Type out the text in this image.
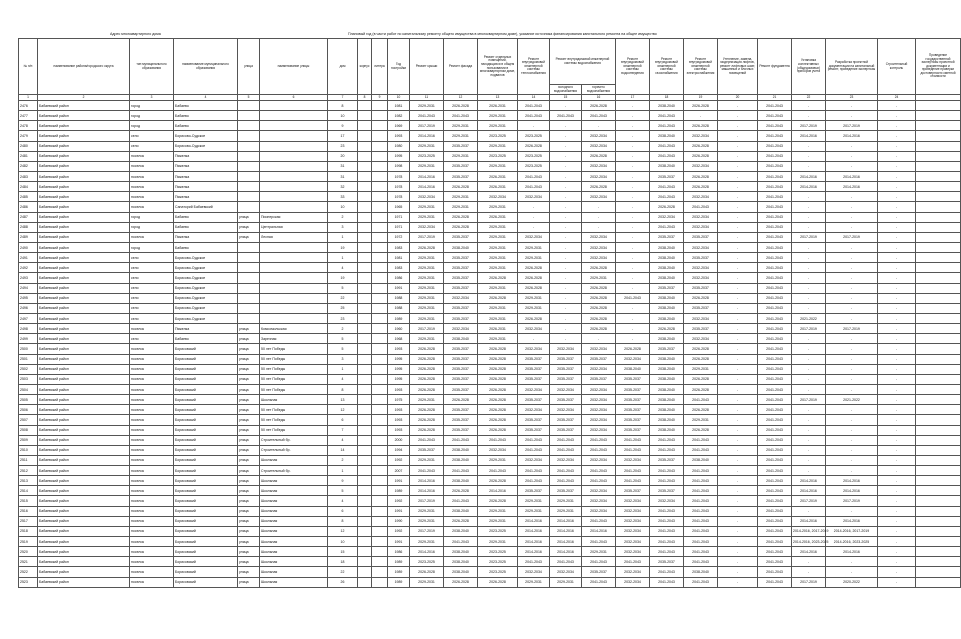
Адрес многоквартирного дома	Плановый год (в части работ по капитальному ремонту общего имущества в многоквартирном доме), указание источника финансирования капитального ремонта на общее имущество
№ п/п	наименование района/городского округа	тип муниципального образования	наименование муниципального образования	улица	наименование улицы	дом	корпус	литера	Год постройки	Ремонт крыши	Ремонт фасада	Ремонт отдельных помещений, находящихся в общем пользовании в многоквартирном доме, подвалов	Ремонт внутридомовой инженерной системы теплоснабжения	Ремонт внутридомовой инженерной системы водоснабжения		Ремонт внутридомовой инженерной системы водоотведения	Ремонт внутридомовой инженерной системы газоснабжения	Ремонт внутридомовой инженерной системы электроснабжения	Утепление, замена, модернизация лифтов, ремонт лифтовых шахт, машинных и блочных помещений	Ремонт фундамента	Установка коллективных (общедомовых) приборов учета	Разработка проектной документации на капитальный ремонт, проведение экспертизы	Строительный контроль	Проведение государственной экспертизы проектной документации и проведение проверки достоверности сметной стоимости
														холодного водоснабжения	горячего водоснабжения									
1	2	3	4	5	6	7	8	9	10	11	12	13	14	15	16	17	18	19	20	21	22	23	24	
2476	Бабаевский район	город	Бабаево			8			1981	2029-2031	2026-2028	2026-2031	2041-2043	-	2026-2028	-	2038-2040	2026-2028	-	2041-2043	-	-	-	
2477	Бабаевский район	город	Бабаево			10			1982	2041-2043	2041-2043	2029-2031	2041-2043	2041-2043	2041-2043	-	2041-2043	-	-	2041-2043	-	-	-	
2478	Бабаевский район	город	Бабаево			9			1969	2017-2019	2029-2031	2029-2031	-	-	-	-	2041-2043	2026-2028	-	2041-2043	2017-2019	2017-2019	-	
2479	Бабаевский район	село	Борисово-Судское			17			1993	2014-2016	2029-2031	2023-2025	2023-2025	-	2032-2034	-	2038-2040	2032-2034	-	2041-2043	2014-2016	2014-2016	-	
2480	Бабаевский район	село	Борисово-Судское			23			1980	2029-2031	2035-2037	2029-2031	2026-2028	-	2032-2034	-	2041-2043	2026-2028	-	2041-2043	-	-	-	
2481	Бабаевский район	поселок	Пяжелка			20			1995	2023-2025	2029-2031	2023-2025	2023-2025	-	2026-2028	-	2041-2043	2026-2028	-	2041-2043	-	-	-	
2482	Бабаевский район	поселок	Пяжелка			31			1998	2029-2031	2035-2037	2029-2031	2023-2025	-	2032-2034	-	2038-2040	2032-2034	-	2041-2043	-	-	-	
2483	Бабаевский район	поселок	Пяжелка			31			1978	2014-2016	2035-2037	2026-2031	2041-2043	-	2032-2034	-	2035-2037	2026-2028	-	2041-2043	2014-2016	2014-2016	-	
2484	Бабаевский район	поселок	Пяжелка			32			1978	2014-2016	2026-2028	2026-2031	2041-2043	-	2026-2028	-	2041-2043	2026-2028	-	2041-2043	2014-2016	2014-2016	-	
2485	Бабаевский район	поселок	Пяжелка			33			1978	2032-2034	2029-2031	2032-2034	2032-2034	-	2032-2034	-	2041-2043	2032-2034	-	2041-2043	-	-	-	
2486	Бабаевский район	поселок	Санаторий Бабаевский			10			1965	2029-2031	2029-2031	2029-2031	-	-	-	-	2026-2028	2041-2043	-	2041-2043	-	-	-	
2487	Бабаевский район	город	Бабаево	улица	Пионерская	2			1971	2029-2031	2026-2028	2026-2031	-	-	-	-	2032-2034	2032-2034	-	2041-2043	-	-	-	
2488	Бабаевский район	город	Бабаево	улица	Центральная	3			1971	2032-2034	2026-2028	2029-2031	-	-	-	-	2041-2043	2032-2034	-	2041-2043	-	-	-	
2489	Бабаевский район	поселок	Пяжелка	улица	Лесная	1			1972	2017-2019	2035-2037	2029-2031	2032-2034	-	2032-2034	-	2035-2037	2035-2037	-	2041-2043	2017-2019	2017-2019	-	
2490	Бабаевский район	город	Бабаево			19			1983	2026-2028	2038-2040	2029-2031	2029-2031	-	2032-2034	-	2038-2040	2032-2034	-	2041-2043	-	-	-	
2491	Бабаевский район	село	Борисово-Судское			1			1981	2029-2031	2035-2037	2029-2031	2029-2031	-	2032-2034	-	2038-2040	2035-2037	-	2041-2043	-	-	-	
2492	Бабаевский район	село	Борисово-Судское			4			1983	2029-2031	2035-2037	2029-2031	2026-2028	-	2026-2028	-	2038-2040	2032-2034	-	2041-2043	-	-	-	
2493	Бабаевский район	село	Борисово-Судское			19			1986	2029-2031	2035-2037	2026-2028	2026-2028	-	2029-2031	-	2038-2040	2032-2034	-	2041-2043	-	-	-	
2494	Бабаевский район	село	Борисово-Судское			5			1991	2029-2031	2035-2037	2029-2031	2026-2028	-	2026-2028	-	2035-2037	2035-2037	-	2041-2043	-	-	-	
2495	Бабаевский район	село	Борисово-Судское			22			1988	2029-2031	2032-2034	2026-2028	2029-2031	-	2026-2028	2041-2043	2038-2040	2026-2028	-	2041-2043	-	-	-	
2496	Бабаевский район	село	Борисово-Судское			25			1988	2029-2031	2035-2037	2029-2031	2029-2031	-	2026-2028	-	2038-2040	2035-2037	-	2041-2043	-	-	-	
2497	Бабаевский район	село	Борисово-Судское			23			1989	2029-2031	2035-2037	2029-2031	2026-2028	-	2026-2028	-	2038-2040	2032-2034	-	2041-2043	2021-2022	-	-	
2498	Бабаевский район	поселок	Пяжелка	улица	Комсомольская	2			1960	2017-2019	2032-2034	2026-2031	2032-2034	-	2026-2028	-	2026-2028	2035-2037	-	2041-2043	2017-2019	2017-2019	-	
2499	Бабаевский район	село	Бабаево	улица	Заречная	5			1968	2029-2031	2038-2040	2029-2031	-	-	-	-	2038-2040	2032-2034	-	2041-2043	-	-	-	
2500	Бабаевский район	поселок	Борисовский	улица	50 лет Победы	5			1993	2026-2028	2035-2037	2026-2028	2032-2034	2032-2034	2032-2034	2026-2028	2035-2037	2026-2028	-	2041-2043	-	-	-	
2501	Бабаевский район	поселок	Борисовский	улица	50 лет Победы	3			1995	2026-2028	2035-2037	2026-2028	2035-2037	2035-2037	2035-2037	2032-2034	2038-2040	2026-2028	-	2041-2043	-	-	-	
2502	Бабаевский район	поселок	Борисовский	улица	50 лет Победы	1			1995	2026-2028	2035-2037	2026-2028	2035-2037	2035-2037	2032-2034	2038-2040	2038-2040	2029-2031	-	2041-2043	-	-	-	
2503	Бабаевский район	поселок	Борисовский	улица	50 лет Победы	4			1995	2026-2028	2035-2037	2026-2028	2035-2037	2035-2037	2035-2037	2035-2037	2038-2040	2026-2028	-	2041-2043	-	-	-	
2504	Бабаевский район	поселок	Борисовский	улица	50 лет Победы	8			1993	2026-2028	2035-2037	2026-2028	2032-2034	2032-2034	2032-2034	2035-2037	2038-2040	2026-2028	-	2041-2043	-	-	-	
2505	Бабаевский район	поселок	Борисовский	улица	Школьная	13			1975	2029-2031	2026-2028	2026-2028	2035-2037	2035-2037	2032-2034	2035-2037	2038-2040	2041-2043	-	2041-2043	2017-2019	2021-2022	-	
2506	Бабаевский район	поселок	Борисовский	улица	50 лет Победы	12			1993	2026-2028	2035-2037	2026-2028	2032-2034	2032-2034	2032-2034	2035-2037	2038-2040	2026-2028	-	2041-2043	-	-	-	
2507	Бабаевский район	поселок	Борисовский	улица	50 лет Победы	6			1993	2026-2028	2035-2037	2026-2028	2035-2037	2035-2037	2032-2034	2035-2037	2038-2040	2029-2031	-	2041-2043	-	-	-	
2508	Бабаевский район	поселок	Борисовский	улица	50 лет Победы	7			1993	2026-2028	2035-2037	2026-2028	2035-2037	2035-2037	2032-2034	2035-2037	2038-2040	2026-2028	-	2041-2043	-	-	-	
2509	Бабаевский район	поселок	Борисовский	улица	Строительный бр.	4			2000	2041-2043	2041-2043	2041-2043	2041-2043	2041-2043	2041-2043	2041-2043	2041-2043	2041-2043	-	2041-2043	-	-	-	
2510	Бабаевский район	поселок	Борисовский	улица	Строительный бр.	14			1994	2035-2037	2038-2040	2032-2034	2041-2043	2041-2043	2041-2043	2041-2043	2041-2043	2041-2043	-	2041-2043	-	-	-	
2511	Бабаевский район	поселок	Борисовский	улица	Школьная	2			1992	2029-2031	2038-2040	2029-2031	2032-2034	2032-2034	2032-2034	2032-2034	2035-2037	2038-2040	-	2041-2043	-	-	-	
2512	Бабаевский район	поселок	Борисовский	улица	Строительный бр.	1			2007	2041-2043	2041-2043	2041-2043	2041-2043	2041-2043	2041-2043	2041-2043	2041-2043	2041-2043	-	2041-2043	-	-	-	
2513	Бабаевский район	поселок	Борисовский	улица	Школьная	9			1991	2014-2016	2038-2040	2026-2028	2041-2043	2041-2043	2041-2043	2041-2043	2041-2043	2041-2043	-	2041-2043	2014-2016	2014-2016	-	
2514	Бабаевский район	поселок	Борисовский	улица	Школьная	5			1989	2014-2016	2026-2028	2014-2016	2035-2037	2035-2037	2032-2034	2035-2037	2035-2037	2041-2043	-	2041-2043	2014-2016	2014-2016	-	
2515	Бабаевский район	поселок	Борисовский	улица	Школьная	4			1992	2017-2019	2041-2043	2026-2028	2029-2031	2029-2031	2032-2034	2032-2034	2032-2034	2041-2043	-	2041-2043	2017-2019	2017-2019	-	
2516	Бабаевский район	поселок	Борисовский	улица	Школьная	6			1991	2029-2031	2038-2040	2029-2031	2029-2031	2029-2031	2032-2034	2032-2034	2041-2043	2041-2043	-	2041-2043	-	-	-	
2517	Бабаевский район	поселок	Борисовский	улица	Школьная	8			1990	2029-2031	2026-2028	2029-2031	2014-2016	2014-2016	2041-2043	2032-2034	2041-2043	2041-2043	-	2041-2043	2014-2016	2014-2016	-	
2518	Бабаевский район	поселок	Борисовский	улица	Школьная	12			1992	2017-2019	2038-2040	2023-2025	2014-2016	2014-2016	2014-2016	2032-2034	2041-2043	2041-2043	-	2041-2043	2014-2016, 2017-2019	2014-2016, 2017-2019	-	
2519	Бабаевский район	поселок	Борисовский	улица	Школьная	10			1991	2029-2031	2041-2043	2029-2031	2014-2016	2014-2016	2041-2043	2032-2034	2041-2043	2041-2043	-	2041-2043	2014-2016, 2023-2025	2014-2016, 2023-2025	-	
2520	Бабаевский район	поселок	Борисовский	улица	Школьная	15			1986	2014-2016	2038-2040	2023-2025	2014-2016	2014-2016	2029-2031	2032-2034	2041-2043	2041-2043	-	2041-2043	2014-2016	2014-2016	-	
2521	Бабаевский район	поселок	Борисовский	улица	Школьная	18			1989	2023-2025	2038-2040	2023-2025	2041-2043	2041-2043	2041-2043	2041-2043	2035-2037	2041-2043	-	2041-2043	-	-	-	
2522	Бабаевский район	поселок	Борисовский	улица	Школьная	22			1989	2026-2028	2038-2040	2023-2025	2032-2034	2032-2034	2035-2037	2032-2034	2041-2043	2038-2040	-	2041-2043	-	-	-	
2523	Бабаевский район	поселок	Борисовский	улица	Школьная	26			1989	2029-2031	2026-2028	2026-2028	2029-2031	2029-2031	2041-2043	2032-2034	2041-2043	2041-2043	-	2041-2043	2017-2019	2020-2022	-	
